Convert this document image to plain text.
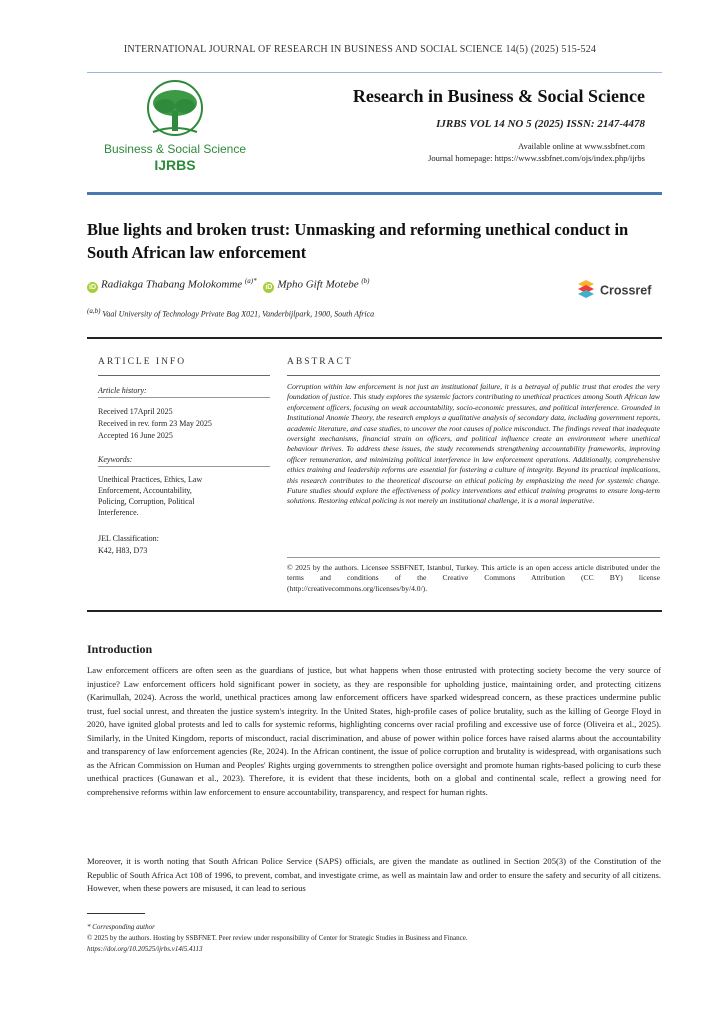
INTERNATIONAL JOURNAL OF RESEARCH IN BUSINESS AND SOCIAL SCIENCE 14(5) (2025) 515-524
Business & Social Science
IJRBS
Research in Business & Social Science
IJRBS VOL 14 NO 5 (2025) ISSN: 2147-4478
Available online at www.ssbfnet.com
Journal homepage: https://www.ssbfnet.com/ojs/index.php/ijrbs
Blue lights and broken trust: Unmasking and reforming unethical conduct in South African law enforcement
iD Radiakga Thabang Molokomme $^{(a)*}$ iD Mpho Gift Motebe $^{(b)}$
$^{(a,b)}$ Vaal University of Technology Private Bag X021, Vanderbijlpark, 1900, South Africa
Crossref
ARTICLE INFO
Article history:
Received 17April 2025
Received in rev. form 23 May 2025
Accepted 16 June 2025
Keywords:
Unethical Practices, Ethics, Law
Enforcement, Accountability,
Policing, Corruption, Political
Interference.
JEL Classification:
K42, H83, D73
ABSTRACT
Corruption within law enforcement is not just an institutional failure, it is a betrayal of public trust that erodes the very foundation of justice. This study explores the systemic factors contributing to unethical practices among South African law enforcement officers, focusing on weak accountability, socio-economic pressures, and political interference. Grounded in Institutional Anomie Theory, the research employs a qualitative analysis of secondary data, including government reports, academic literature, and case studies, to uncover the root causes of police misconduct. The findings reveal that inadequate oversight mechanisms, financial strain on officers, and political influence create an environment where unethical behaviour thrives. To address these issues, the study recommends strengthening accountability frameworks, improving officer remuneration, and minimizing political interference in law enforcement operations. Additionally, comprehensive ethics training and leadership reforms are essential for fostering a culture of integrity. Beyond its practical implications, this research contributes to the theoretical discourse on ethical policing by emphasizing the need for systemic change. Future studies should explore the effectiveness of policy interventions and ethical training programs to ensure long-term solutions. Restoring ethical policing is not merely an institutional challenge, it is a moral imperative.
© 2025 by the authors. Licensee SSBFNET, Istanbul, Turkey. This article is an open access article distributed under the terms and conditions of the Creative Commons Attribution (CC BY) license (http://creativecommons.org/licenses/by/4.0/).
Introduction
Law enforcement officers are often seen as the guardians of justice, but what happens when those entrusted with protecting society become the very source of injustice? Law enforcement officers hold significant power in society, as they are responsible for upholding justice, maintaining order, and protecting citizens (Karimullah, 2024). Across the world, unethical practices among law enforcement officers have sparked widespread concern, as these practices undermine public trust, fuel social unrest, and threaten the justice system's integrity. In the United States, high-profile cases of police brutality, such as the killing of George Floyd in 2020, have ignited global protests and led to calls for systemic reforms, highlighting concerns over racial profiling and excessive use of force (Oliveira et al., 2025). Similarly, in the United Kingdom, reports of misconduct, racial discrimination, and abuse of power within police forces have raised alarms about the accountability and transparency of law enforcement agencies (Re, 2024). In the African continent, the issue of police corruption and brutality is widespread, with organisations such as the African Commission on Human and Peoples' Rights urging governments to strengthen police oversight and promote human rights-based policing to curb these unethical practices (Gunawan et al., 2023). Therefore, it is evident that these incidents, both on a global and continental scale, reflect a growing need for comprehensive reforms within law enforcement to ensure accountability, transparency, and respect for human rights.
Moreover, it is worth noting that South African Police Service (SAPS) officials, are given the mandate as outlined in Section 205(3) of the Constitution of the Republic of South Africa Act 108 of 1996, to prevent, combat, and investigate crime, as well as maintain law and order to ensure the safety and security of all citizens. However, when these powers are misused, it can lead to serious
* Corresponding author
© 2025 by the authors. Hosting by SSBFNET. Peer review under responsibility of Center for Strategic Studies in Business and Finance.
https://doi.org/10.20525/ijrbs.v14i5.4113
